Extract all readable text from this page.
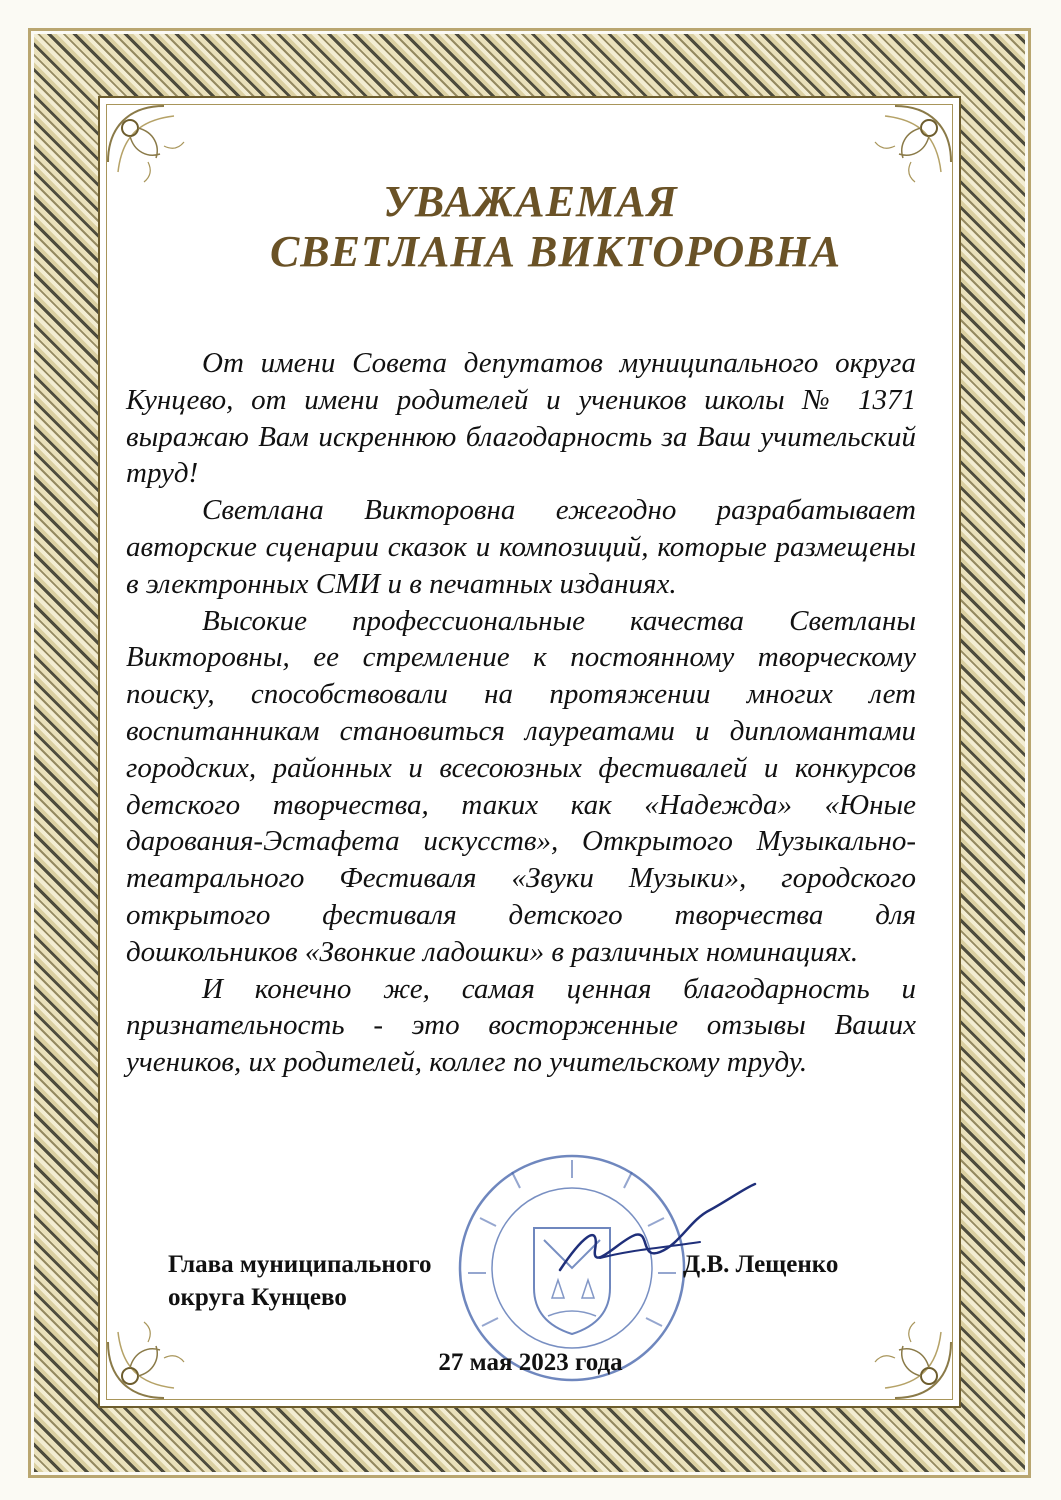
УВАЖАЕМАЯ
СВЕТЛАНА ВИКТОРОВНА

От имени Совета депутатов муниципального округа Кунцево, от имени родителей и учеников школы № 1371 выражаю Вам искреннюю благодарность за Ваш учительский труд!

Светлана Викторовна ежегодно разрабатывает авторские сценарии сказок и композиций, которые размещены в электронных СМИ и в печатных изданиях.

Высокие профессиональные качества Светланы Викторовны, ее стремление к постоянному творческому поиску, способствовали на протяжении многих лет воспитанникам становиться лауреатами и дипломантами городских, районных и всесоюзных фестивалей и конкурсов детского творчества, таких как «Надежда» «Юные дарования-Эстафета искусств», Открытого Музыкально-театрального Фестиваля «Звуки Музыки», городского открытого фестиваля детского творчества для дошкольников «Звонкие ладошки» в различных номинациях.

И конечно же, самая ценная благодарность и признательность - это восторженные отзывы Ваших учеников, их родителей, коллег по учительскому труду.

Глава муниципального
округа Кунцево
Д.В. Лещенко
27 мая 2023 года
